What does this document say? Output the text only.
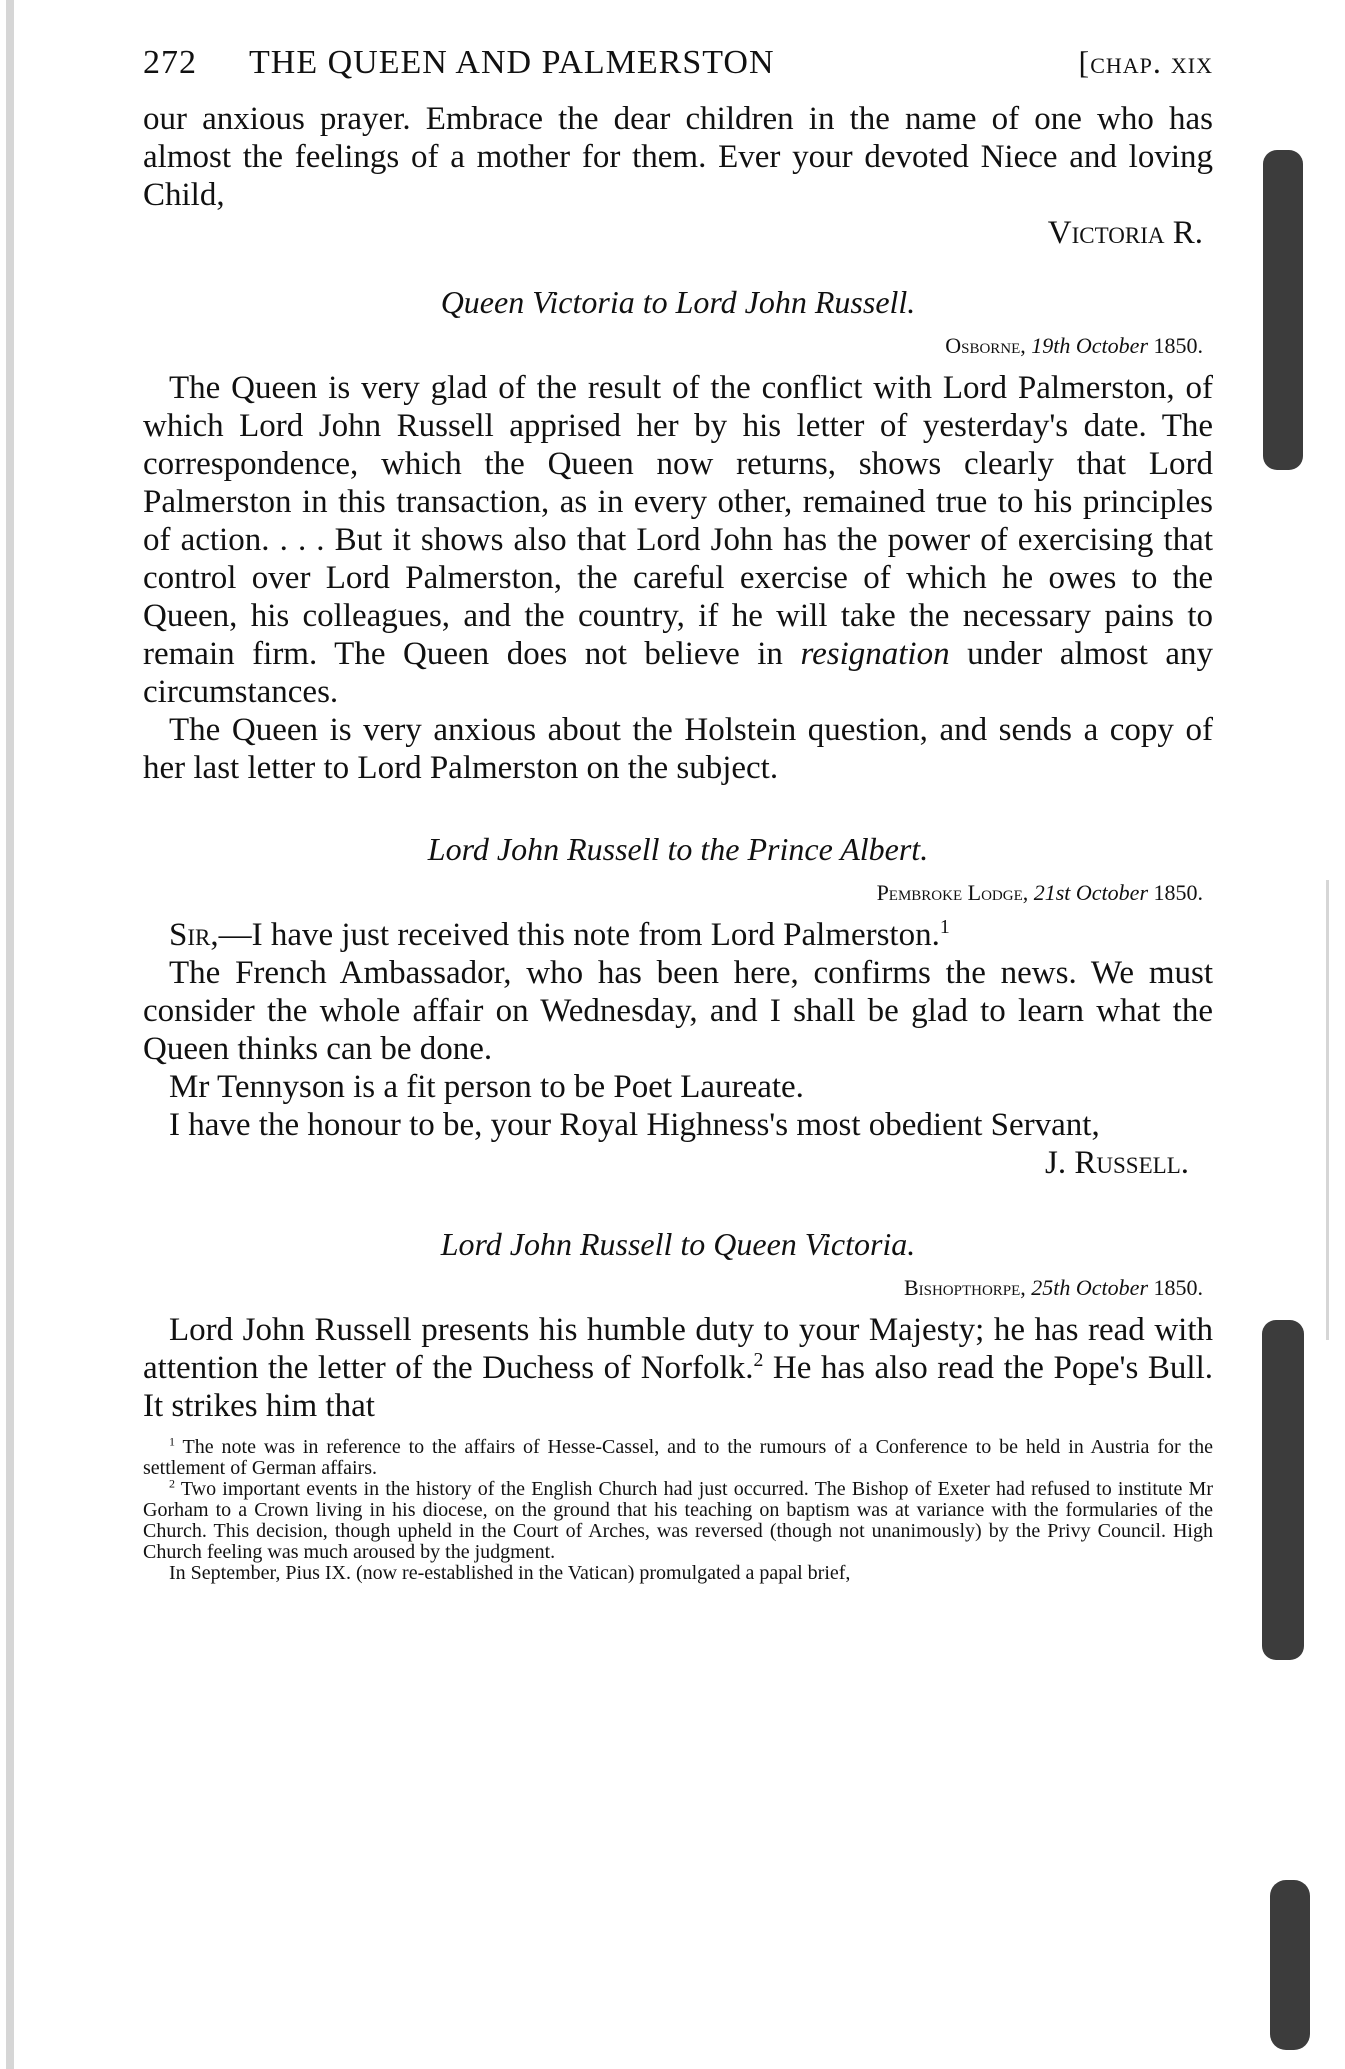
272 THE QUEEN AND PALMERSTON	[chap. xix

our anxious prayer. Embrace the dear children in the name of one who has almost the feelings of a mother for them. Ever your devoted Niece and loving Child,

Victoria R.
Queen Victoria to Lord John Russell.
Osborne, 19th October 1850.

The Queen is very glad of the result of the conflict with Lord Palmerston, of which Lord John Russell apprised her by his letter of yesterday's date. The correspondence, which the Queen now returns, shows clearly that Lord Palmerston in this transaction, as in every other, remained true to his principles of action. . . . But it shows also that Lord John has the power of exercising that control over Lord Palmerston, the careful exercise of which he owes to the Queen, his colleagues, and the country, if he will take the necessary pains to remain firm. The Queen does not believe in resignation under almost any circumstances.

The Queen is very anxious about the Holstein question, and sends a copy of her last letter to Lord Palmerston on the subject.

Lord John Russell to the Prince Albert.
Pembroke Lodge, 21st October 1850.

Sir,—I have just received this note from Lord Palmerston.$^1$

The French Ambassador, who has been here, confirms the news. We must consider the whole affair on Wednesday, and I shall be glad to learn what the Queen thinks can be done.

Mr Tennyson is a fit person to be Poet Laureate.

I have the honour to be, your Royal Highness's most obedient Servant,

J. Russell.
Lord John Russell to Queen Victoria.
Bishopthorpe, 25th October 1850.

Lord John Russell presents his humble duty to your Majesty; he has read with attention the letter of the Duchess of Norfolk.$^2$ He has also read the Pope's Bull. It strikes him that

$^1$ The note was in reference to the affairs of Hesse-Cassel, and to the rumours of a Conference to be held in Austria for the settlement of German affairs.

$^2$ Two important events in the history of the English Church had just occurred. The Bishop of Exeter had refused to institute Mr Gorham to a Crown living in his diocese, on the ground that his teaching on baptism was at variance with the formularies of the Church. This decision, though upheld in the Court of Arches, was reversed (though not unanimously) by the Privy Council. High Church feeling was much aroused by the judgment.

In September, Pius IX. (now re-established in the Vatican) promulgated a papal brief,
